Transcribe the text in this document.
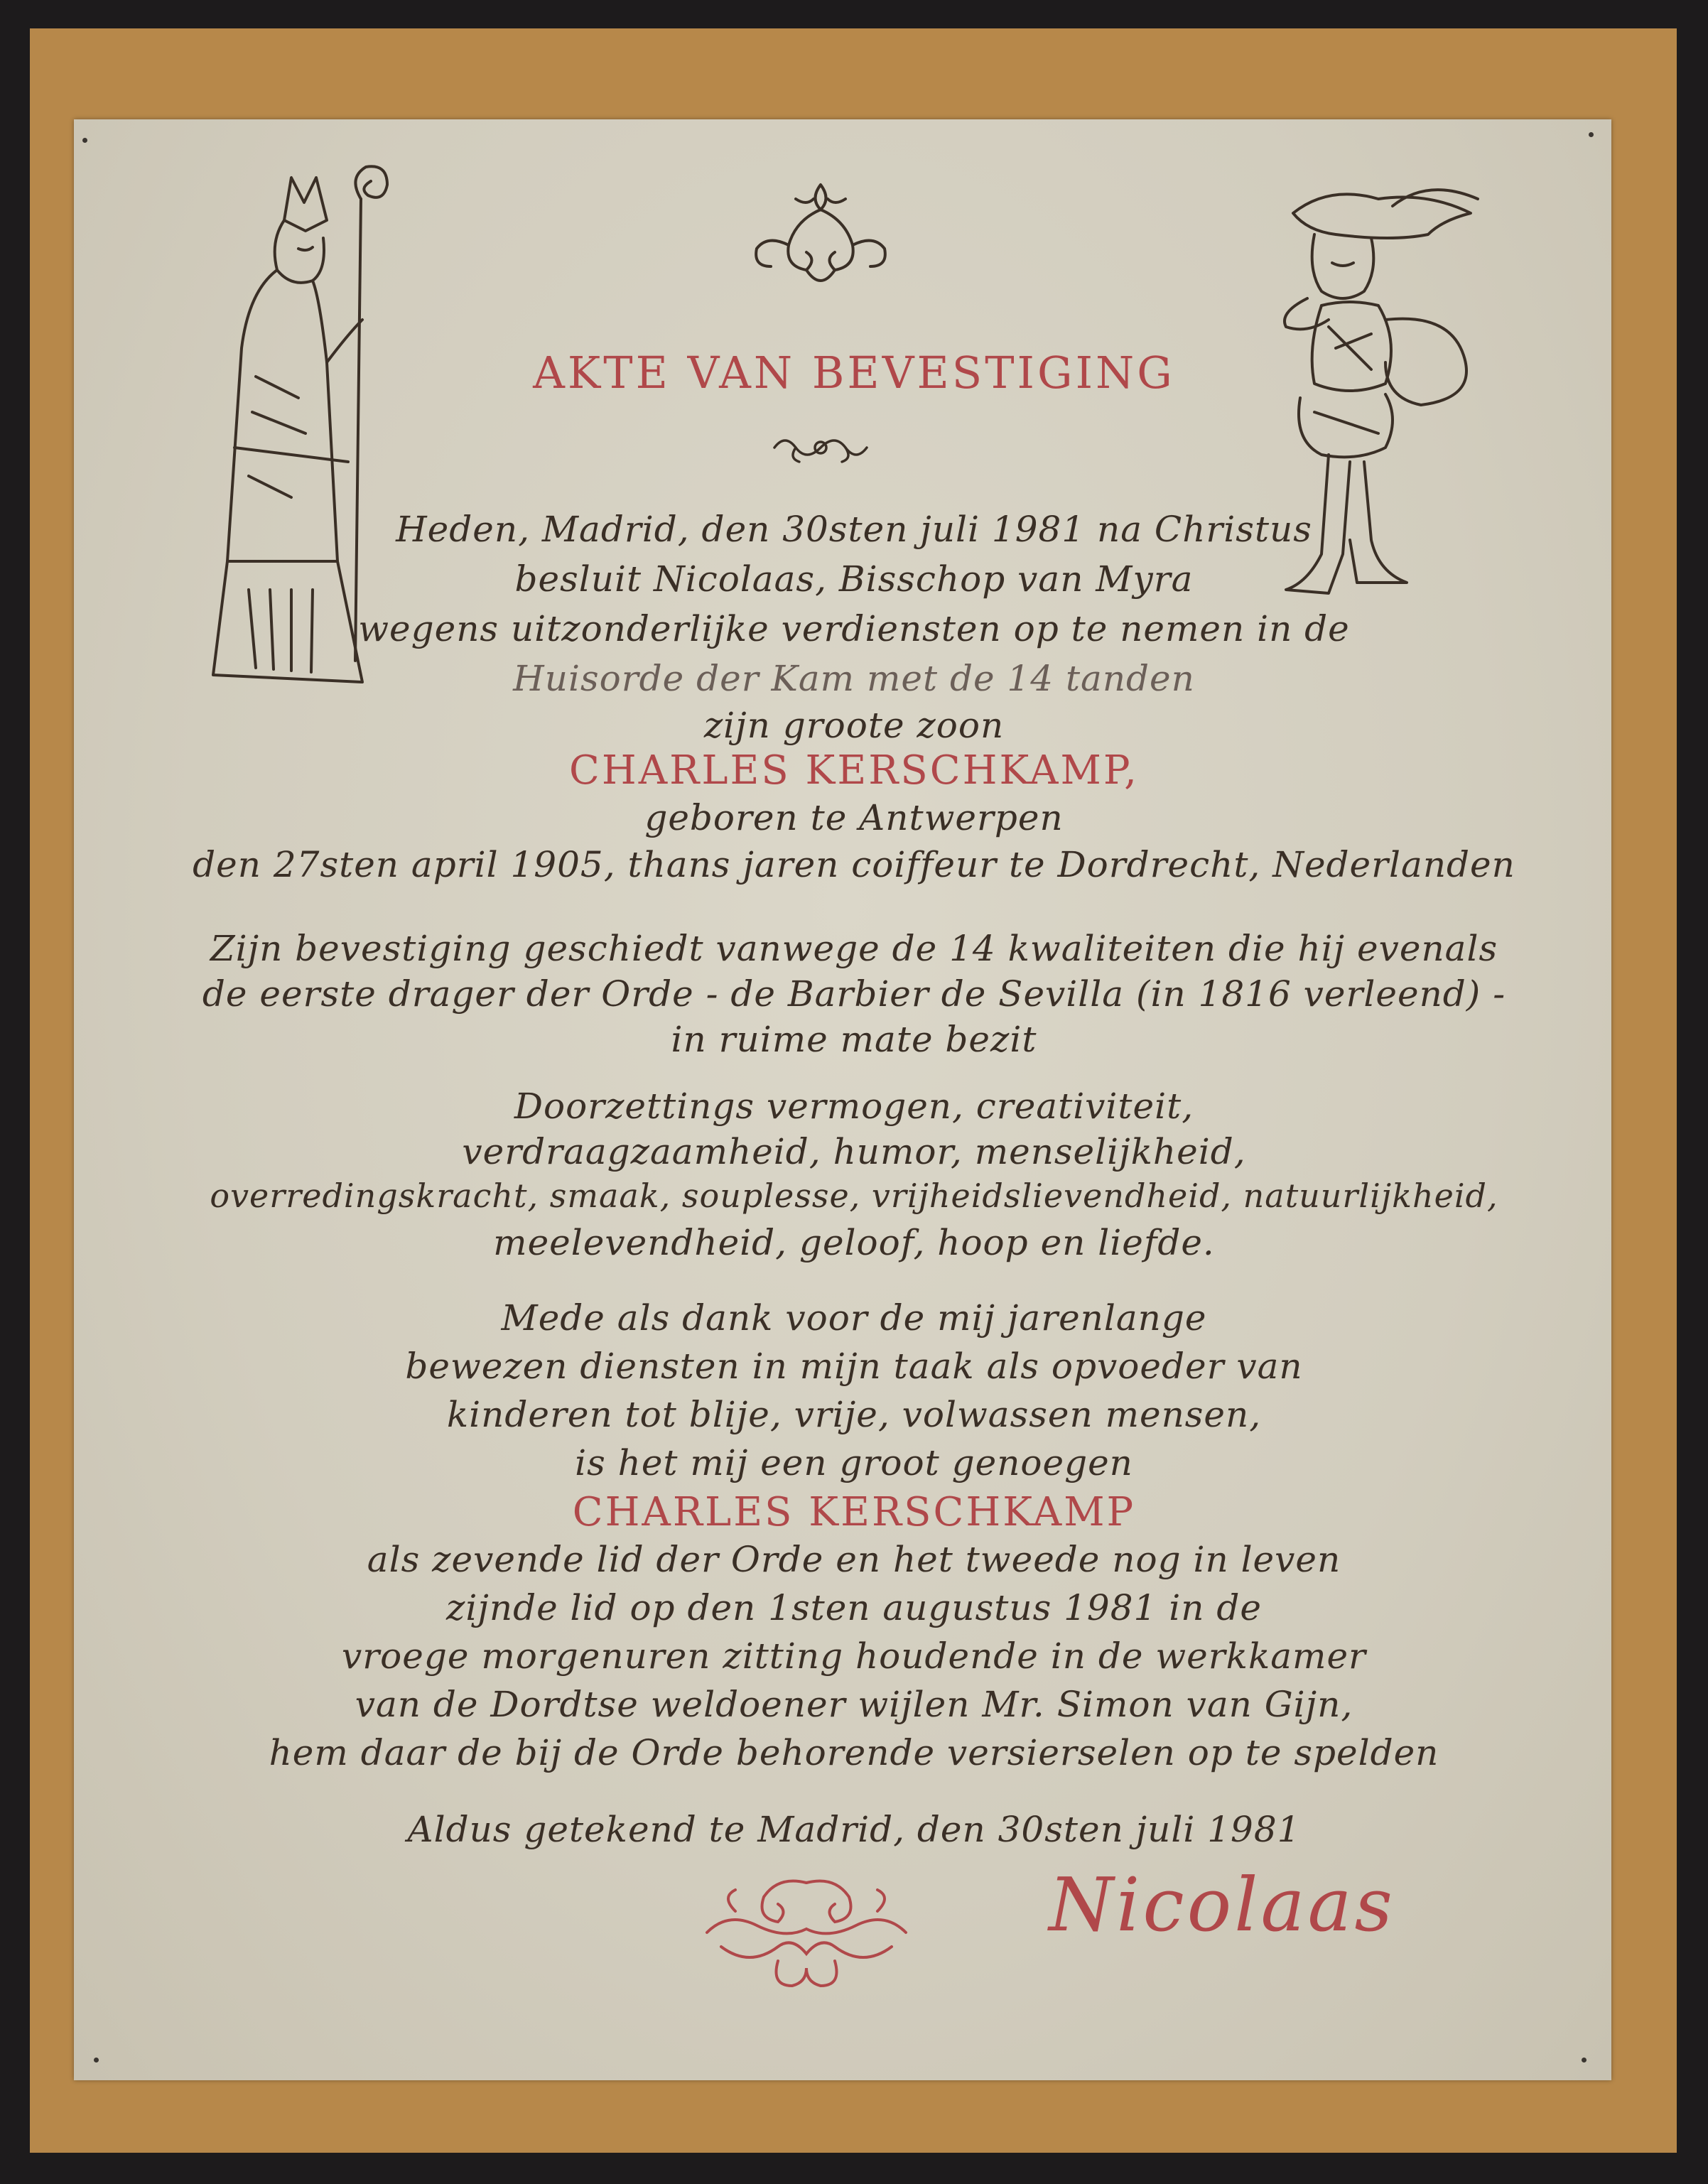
AKTE VAN BEVESTIGING
Heden, Madrid, den 30sten juli 1981 na Christus
besluit Nicolaas, Bisschop van Myra
wegens uitzonderlijke verdiensten op te nemen in de
Huisorde der Kam met de 14 tanden
zijn groote zoon
CHARLES KERSCHKAMP,
geboren te Antwerpen
den 27sten april 1905, thans jaren coiffeur te Dordrecht, Nederlanden
Zijn bevestiging geschiedt vanwege de 14 kwaliteiten die hij evenals
de eerste drager der Orde - de Barbier de Sevilla (in 1816 verleend) -
in ruime mate bezit
Doorzettings vermogen, creativiteit,
verdraagzaamheid, humor, menselijkheid,
overredingskracht, smaak, souplesse, vrijheidslievendheid, natuurlijkheid,
meelevendheid, geloof, hoop en liefde.
Mede als dank voor de mij jarenlange
bewezen diensten in mijn taak als opvoeder van
kinderen tot blije, vrije, volwassen mensen,
is het mij een groot genoegen
CHARLES KERSCHKAMP
als zevende lid der Orde en het tweede nog in leven
zijnde lid op den 1sten augustus 1981 in de
vroege morgenuren zitting houdende in de werkkamer
van de Dordtse weldoener wijlen Mr. Simon van Gijn,
hem daar de bij de Orde behorende versierselen op te spelden
Aldus getekend te Madrid, den 30sten juli 1981
Nicolaas
